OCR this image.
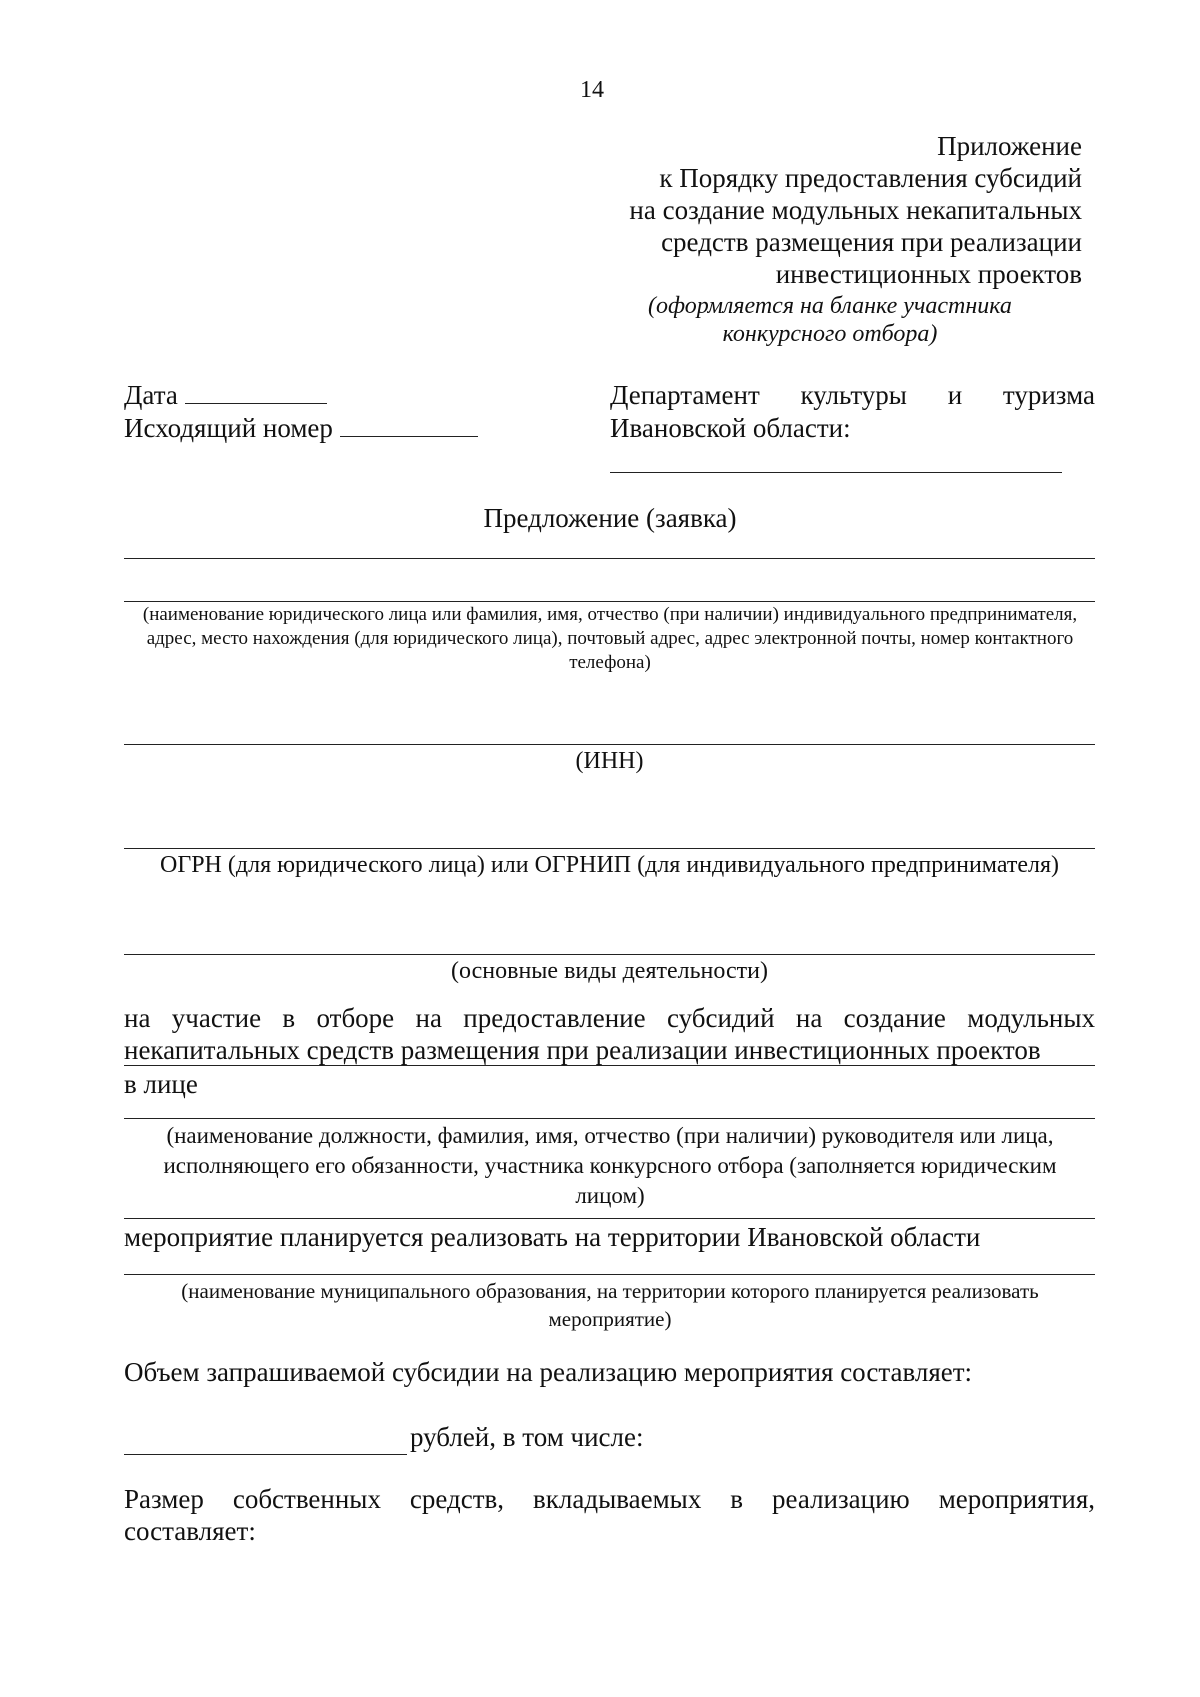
14
Приложение
к Порядку предоставления субсидий
на создание модульных некапитальных
средств размещения при реализации
инвестиционных проектов
(оформляется на бланке участника
конкурсного отбора)
Дата
Исходящий номер
Департамент культуры и туризма
Ивановской области:
Предложение (заявка)
(наименование юридического лица или фамилия, имя, отчество (при наличии) индивидуального предпринимателя, адрес, место нахождения (для юридического лица), почтовый адрес, адрес электронной почты, номер контактного телефона)
(ИНН)
ОГРН (для юридического лица) или ОГРНИП (для индивидуального предпринимателя)
(основные виды деятельности)
на участие в отборе на предоставление субсидий на создание модульных
некапитальных средств размещения при реализации инвестиционных проектов
в лице
(наименование должности, фамилия, имя, отчество (при наличии) руководителя или лица, исполняющего его обязанности, участника конкурсного отбора (заполняется юридическим лицом)
мероприятие планируется реализовать на территории Ивановской области
(наименование муниципального образования, на территории которого планируется реализовать мероприятие)
Объем запрашиваемой субсидии на реализацию мероприятия составляет:
рублей, в том числе:
Размер собственных средств, вкладываемых в реализацию мероприятия,
составляет:
